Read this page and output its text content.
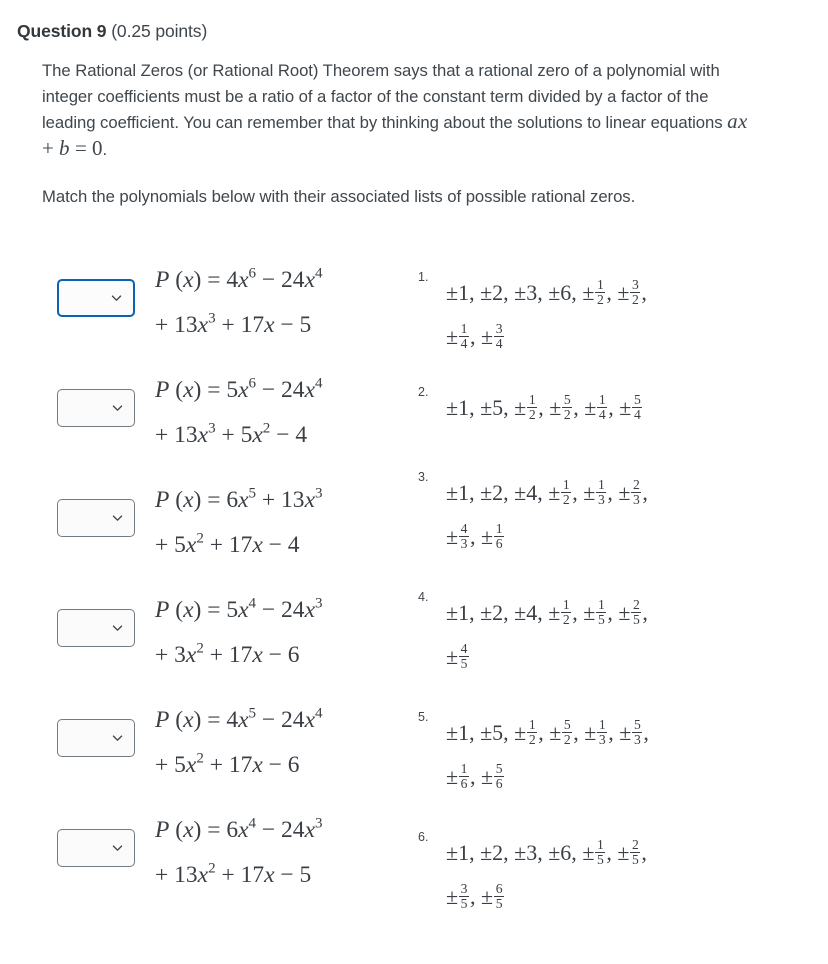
Question 9 (0.25 points)

The Rational Zeros (or Rational Root) Theorem says that a rational zero of a polynomial with integer coefficients must be a ratio of a factor of the constant term divided by a factor of the leading coefficient. You can remember that by thinking about the solutions to linear equations ax + b = 0.

Match the polynomials below with their associated lists of possible rational zeros.

P $(x) = 4x^6 - 24x^4$
+ $13x^3 + 17x - 5$
P $(x) = 5x^6 - 24x^4$
+ $13x^3 + 5x^2 - 4$
P $(x) = 6x^5 + 13x^3$
+ $5x^2 + 17x - 4$
P $(x) = 5x^4 - 24x^3$
+ $3x^2 + 17x - 6$
P $(x) = 4x^5 - 24x^4$
+ $5x^2 + 17x - 6$
P $(x) = 6x^4 - 24x^3$
+ $13x^2 + 17x - 5$
1.
±1, ±2, ±3, ±6, ± $\frac{1}{2}$ , ± $\frac{3}{2}$ ,
± $\frac{1}{4}$ , ± $\frac{3}{4}$
2.
±1, ±5, ± $\frac{1}{2}$ , ± $\frac{5}{2}$ , ± $\frac{1}{4}$ , ± $\frac{5}{4}$
3.
±1, ±2, ±4, ± $\frac{1}{2}$ , ± $\frac{1}{3}$ , ± $\frac{2}{3}$ ,
± $\frac{4}{3}$ , ± $\frac{1}{6}$
4.
±1, ±2, ±4, ± $\frac{1}{2}$ , ± $\frac{1}{5}$ , ± $\frac{2}{5}$ ,
± $\frac{4}{5}$
5.
±1, ±5, ± $\frac{1}{2}$ , ± $\frac{5}{2}$ , ± $\frac{1}{3}$ , ± $\frac{5}{3}$ ,
± $\frac{1}{6}$ , ± $\frac{5}{6}$
6.
±1, ±2, ±3, ±6, ± $\frac{1}{5}$ , ± $\frac{2}{5}$ ,
± $\frac{3}{5}$ , ± $\frac{6}{5}$
